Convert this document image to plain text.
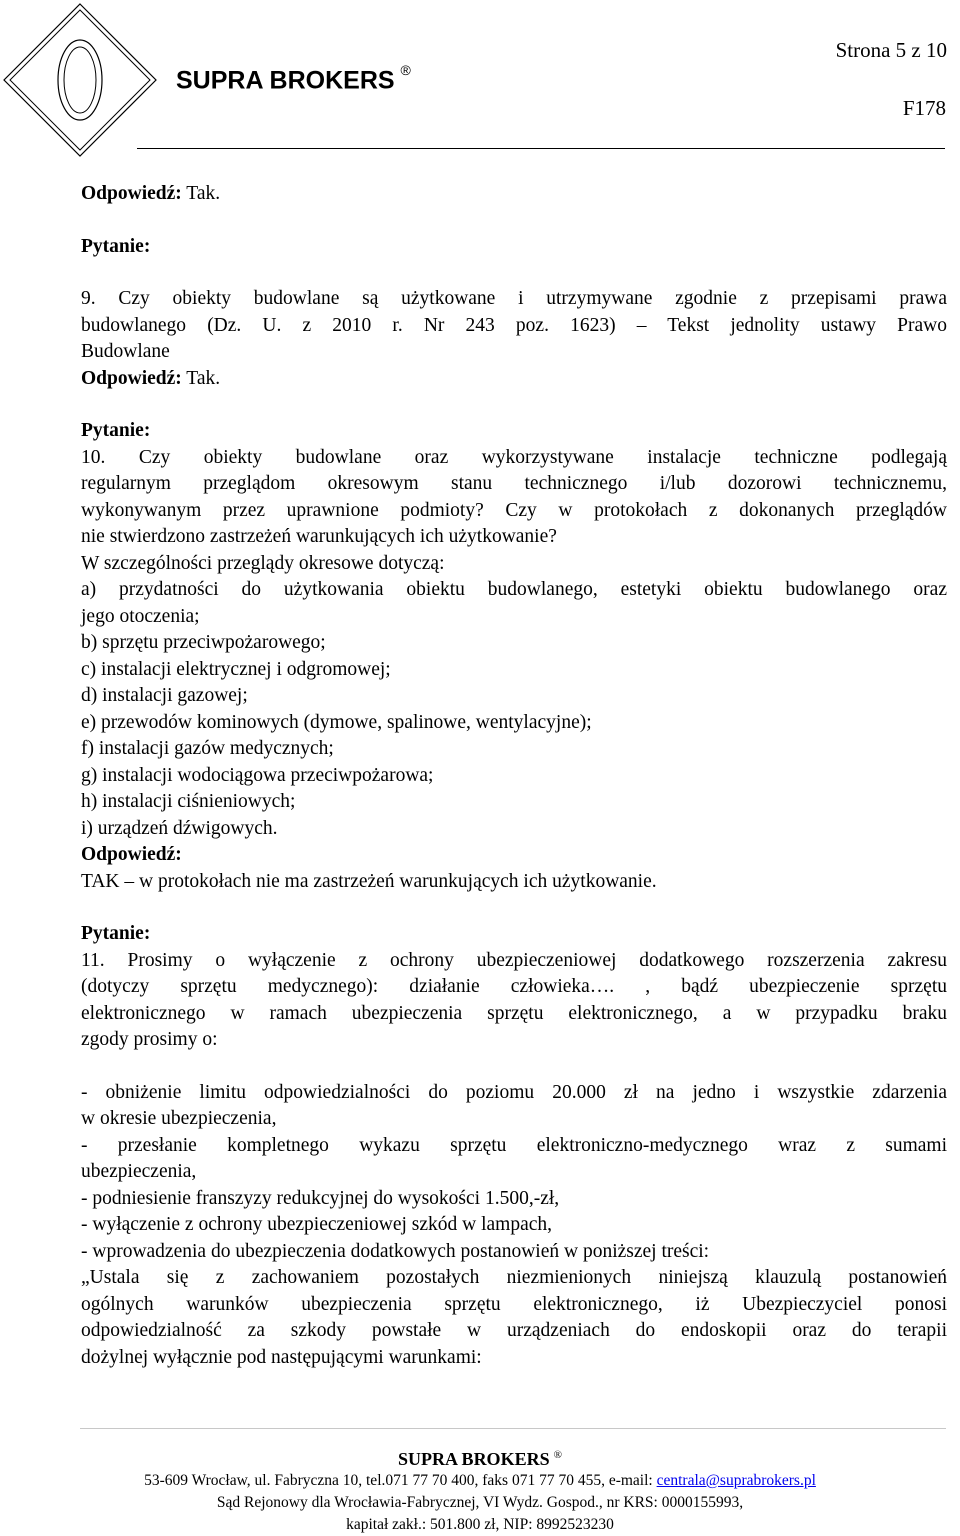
Strona 5 z 10
SUPRA BROKERS ®
F178

Odpowiedź: Tak.

Pytanie:

9. Czy obiekty budowlane są użytkowane i utrzymywane zgodnie z przepisami prawa

budowlanego (Dz. U. z 2010 r. Nr 243 poz. 1623) – Tekst jednolity ustawy Prawo

Budowlane

Odpowiedź: Tak.

Pytanie:

10. Czy obiekty budowlane oraz wykorzystywane instalacje techniczne podlegają

regularnym przeglądom okresowym stanu technicznego i/lub dozorowi technicznemu,

wykonywanym przez uprawnione podmioty? Czy w protokołach z dokonanych przeglądów

nie stwierdzono zastrzeżeń warunkujących ich użytkowanie?

W szczególności przeglądy okresowe dotyczą:

a) przydatności do użytkowania obiektu budowlanego, estetyki obiektu budowlanego oraz

jego otoczenia;

b) sprzętu przeciwpożarowego;

c) instalacji elektrycznej i odgromowej;

d) instalacji gazowej;

e) przewodów kominowych (dymowe, spalinowe, wentylacyjne);

f) instalacji gazów medycznych;

g) instalacji wodociągowa przeciwpożarowa;

h) instalacji ciśnieniowych;

i) urządzeń dźwigowych.

Odpowiedź:

TAK – w protokołach nie ma zastrzeżeń warunkujących ich użytkowanie.

Pytanie:

11. Prosimy o wyłączenie z ochrony ubezpieczeniowej dodatkowego rozszerzenia zakresu

(dotyczy sprzętu medycznego): działanie człowieka…. , bądź ubezpieczenie sprzętu

elektronicznego w ramach ubezpieczenia sprzętu elektronicznego, a w przypadku braku

zgody prosimy o:

- obniżenie limitu odpowiedzialności do poziomu 20.000 zł na jedno i wszystkie zdarzenia

w okresie ubezpieczenia,

- przesłanie kompletnego wykazu sprzętu elektroniczno-medycznego wraz z sumami

ubezpieczenia,

- podniesienie franszyzy redukcyjnej do wysokości 1.500,-zł,

- wyłączenie z ochrony ubezpieczeniowej szkód w lampach,

- wprowadzenia do ubezpieczenia dodatkowych postanowień w poniższej treści:

„Ustala się z zachowaniem pozostałych niezmienionych niniejszą klauzulą postanowień

ogólnych warunków ubezpieczenia sprzętu elektronicznego, iż Ubezpieczyciel ponosi

odpowiedzialność za szkody powstałe w urządzeniach do endoskopii oraz do terapii

dożylnej wyłącznie pod następującymi warunkami:

SUPRA BROKERS ®
53-609 Wrocław, ul. Fabryczna 10, tel.071 77 70 400, faks 071 77 70 455, e-mail: centrala@suprabrokers.pl
Sąd Rejonowy dla Wrocławia-Fabrycznej, VI Wydz. Gospod., nr KRS: 0000155993,
kapitał zakł.: 501.800 zł, NIP: 8992523230
